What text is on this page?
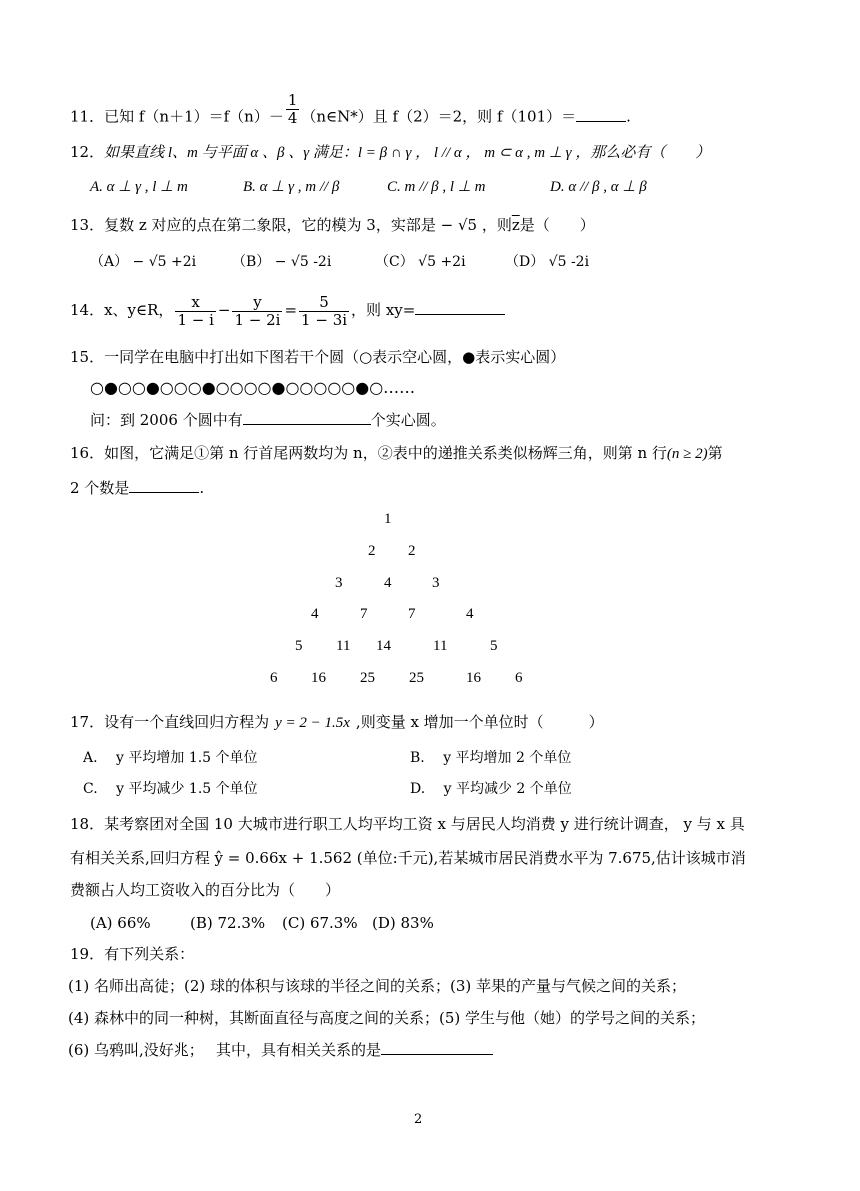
11．已知 $f(n+1)=f(n)- \frac{1}{4}$ （n∈N*）且 f（2）＝2，则 f（101）＝	.
12．如果直线 l、m 与平面 α 、β 、γ 满足：l = β ∩ γ ， l // α ， m ⊂ α , m ⊥ γ ，那么必有（　　）
A. α ⊥ γ , l ⊥ m	B. α ⊥ γ , m // β	C. m // β , l ⊥ m	D. α // β , α ⊥ β
13．复数 z 对应的点在第二象限，它的模为 3，实部是 − √5 ，则$\overline{z}$是（　　）
（A） − √5 +2i	（B） − √5 -2i	（C） √5 +2i	（D） √5 -2i
14．x、y∈R， $\frac{x}{1 - i} - \frac{y}{1 - 2i} = \frac{5}{1 - 3i}$ ，则 xy=
15．一同学在电脑中打出如下图若干个圆（○表示空心圆，●表示实心圆）
○●○○●○○○●○○○○●○○○○○●○……
问：到 2006 个圆中有	个实心圆。
16．如图，它满足①第 n 行首尾两数均为 n，②表中的递推关系类似杨辉三角，则第 n 行(n ≥ 2)第
2 个数是	.
1
2 2
3	4	3
4	7	7	4
5 11 14	11	5
6 16 25 25	16 6
17．设有一个直线回归方程为 y = 2 − 1.5x ,则变量 x 增加一个单位时（　　　）
A.　 y 平均增加 1.5 个单位	B.　 y 平均增加 2 个单位
C.　 y 平均减少 1.5 个单位	D.　 y 平均减少 2 个单位
18．某考察团对全国 10 大城市进行职工人均平均工资 x 与居民人均消费 y 进行统计调查， y 与 x 具
有相关关系,回归方程 ŷ = 0.66x + 1.562 (单位:千元),若某城市居民消费水平为 7.675,估计该城市消
费额占人均工资收入的百分比为（　　）
(A) 66%	(B) 72.3% (C) 67.3% (D) 83%
19．有下列关系：
(1) 名师出高徒；(2) 球的体积与该球的半径之间的关系；(3) 苹果的产量与气候之间的关系；
(4) 森林中的同一种树，其断面直径与高度之间的关系；(5) 学生与他（她）的学号之间的关系；
(6) 乌鸦叫,没好兆；　 其中，具有相关关系的是
2
